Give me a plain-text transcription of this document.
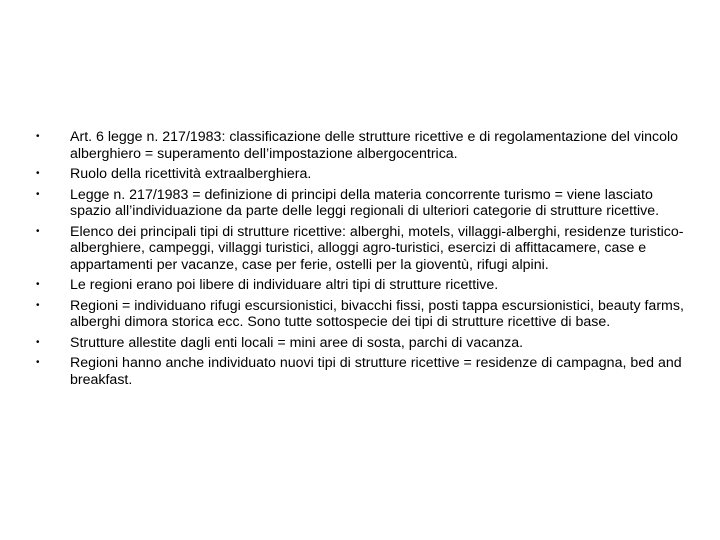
•	Art. 6 legge n. 217/1983: classificazione delle strutture ricettive e di regolamentazione del vincolo alberghiero = superamento dell’impostazione albergocentrica.
•	Ruolo della ricettività extraalberghiera.
•	Legge n. 217/1983 = definizione di principi della materia concorrente turismo = viene lasciato spazio all’individuazione da parte delle leggi regionali di ulteriori categorie di strutture ricettive.
•	Elenco dei principali tipi di strutture ricettive: alberghi, motels, villaggi-alberghi, residenze turistico-alberghiere, campeggi, villaggi turistici, alloggi agro-turistici, esercizi di affittacamere, case e appartamenti per vacanze, case per ferie, ostelli per la gioventù, rifugi alpini.
•	Le regioni erano poi libere di individuare altri tipi di strutture ricettive.
•	Regioni = individuano rifugi escursionistici, bivacchi fissi, posti tappa escursionistici, beauty farms, alberghi dimora storica ecc. Sono tutte sottospecie dei tipi di strutture ricettive di base.
•	Strutture allestite dagli enti locali = mini aree di sosta, parchi di vacanza.
•	Regioni hanno anche individuato nuovi tipi di strutture ricettive = residenze di campagna, bed and breakfast.
